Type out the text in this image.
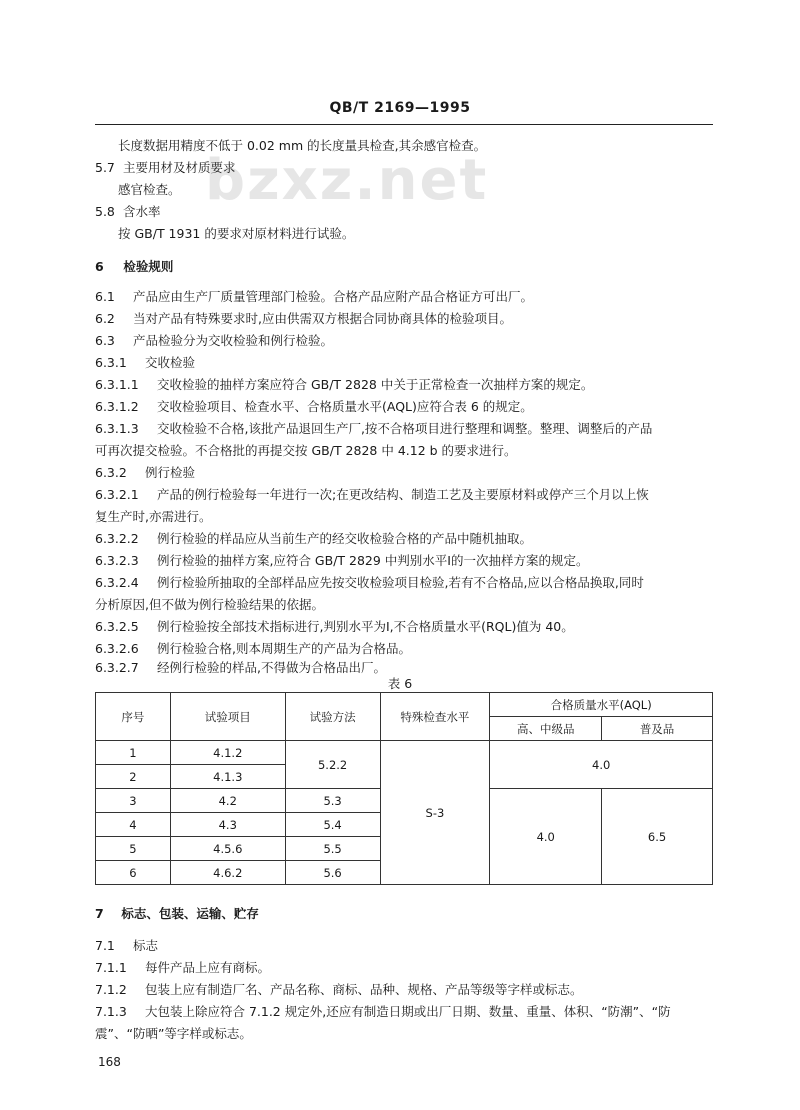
QB/T 2169—1995
bzxz.net
长度数据用精度不低于 0.02 mm 的长度量具检查,其余感官检查。
5.7 主要用材及材质要求
感官检查。
5.8 含水率
按 GB/T 1931 的要求对原材料进行试验。
6 检验规则
6.1 产品应由生产厂质量管理部门检验。合格产品应附产品合格证方可出厂。
6.2 当对产品有特殊要求时,应由供需双方根据合同协商具体的检验项目。
6.3 产品检验分为交收检验和例行检验。
6.3.1 交收检验
6.3.1.1 交收检验的抽样方案应符合 GB/T 2828 中关于正常检查一次抽样方案的规定。
6.3.1.2 交收检验项目、检查水平、合格质量水平(AQL)应符合表 6 的规定。
6.3.1.3 交收检验不合格,该批产品退回生产厂,按不合格项目进行整理和调整。整理、调整后的产品
可再次提交检验。不合格批的再提交按 GB/T 2828 中 4.12 b 的要求进行。
6.3.2 例行检验
6.3.2.1 产品的例行检验每一年进行一次;在更改结构、制造工艺及主要原材料或停产三个月以上恢
复生产时,亦需进行。
6.3.2.2 例行检验的样品应从当前生产的经交收检验合格的产品中随机抽取。
6.3.2.3 例行检验的抽样方案,应符合 GB/T 2829 中判别水平Ⅰ的一次抽样方案的规定。
6.3.2.4 例行检验所抽取的全部样品应先按交收检验项目检验,若有不合格品,应以合格品换取,同时
分析原因,但不做为例行检验结果的依据。
6.3.2.5 例行检验按全部技术指标进行,判别水平为Ⅰ,不合格质量水平(RQL)值为 40。
6.3.2.6 例行检验合格,则本周期生产的产品为合格品。
6.3.2.7 经例行检验的样品,不得做为合格品出厂。
表 6
序号	试验项目	试验方法	特殊检查水平	合格质量水平(AQL)	
				高、中级品	普及品
1	4.1.2	5.2.2	S-3	4.0	
2	4.1.3				
3	4.2	5.3		4.0	6.5
4	4.3	5.4			
5	4.5.6	5.5			
6	4.6.2	5.6			
7 标志、包装、运输、贮存
7.1 标志
7.1.1 每件产品上应有商标。
7.1.2 包装上应有制造厂名、产品名称、商标、品种、规格、产品等级等字样或标志。
7.1.3 大包装上除应符合 7.1.2 规定外,还应有制造日期或出厂日期、数量、重量、体积、“防潮”、“防
震”、“防晒”等字样或标志。
168
